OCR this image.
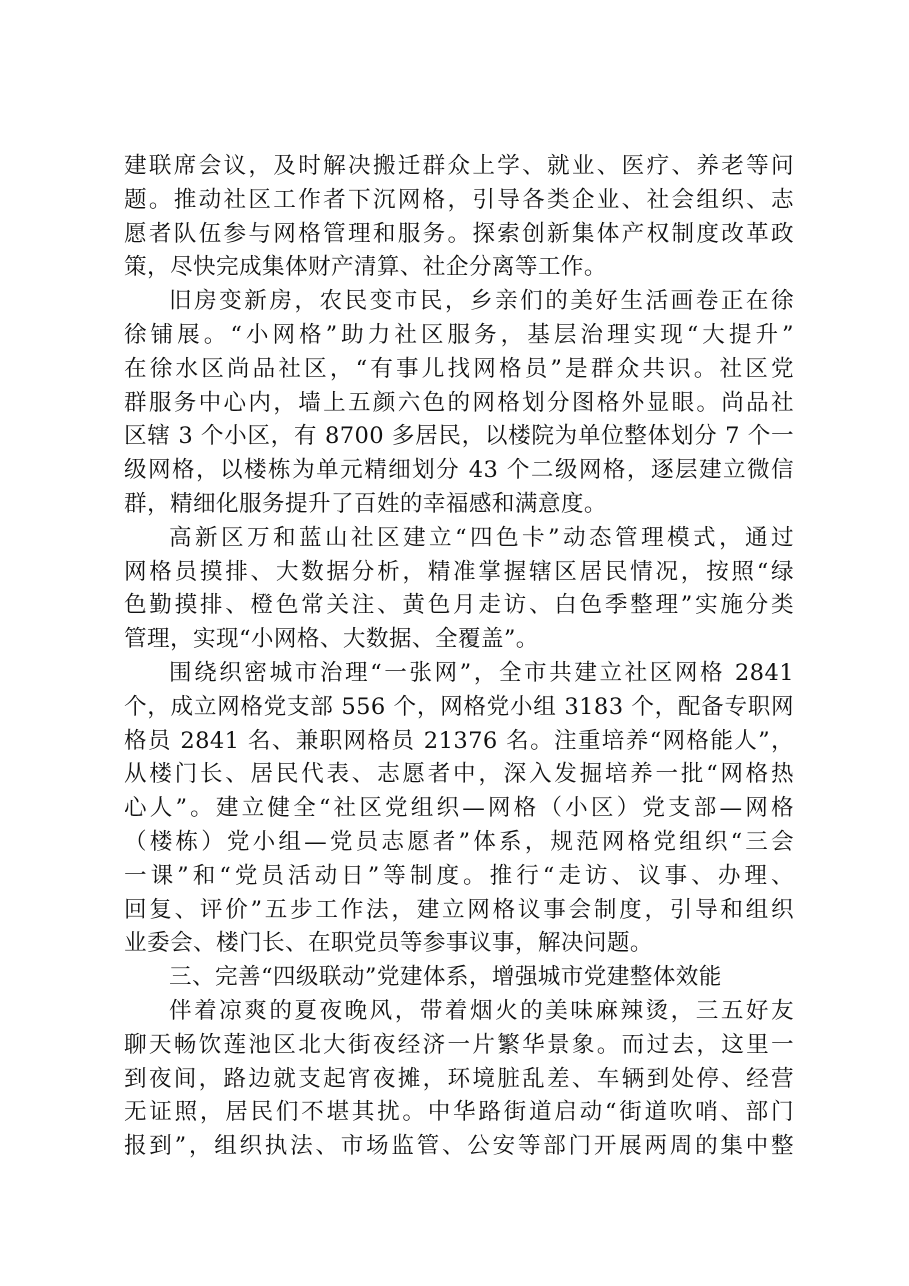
建联席会议，及时解决搬迁群众上学、就业、医疗、养老等问
题。推动社区工作者下沉网格，引导各类企业、社会组织、志
愿者队伍参与网格管理和服务。探索创新集体产权制度改革政
策，尽快完成集体财产清算、社企分离等工作。

旧房变新房，农民变市民，乡亲们的美好生活画卷正在徐
徐铺展。“小网格”助力社区服务，基层治理实现“大提升”
在徐水区尚品社区，“有事儿找网格员”是群众共识。社区党
群服务中心内，墙上五颜六色的网格划分图格外显眼。尚品社
区辖 3 个小区，有 8700 多居民，以楼院为单位整体划分 7 个一
级网格，以楼栋为单元精细划分 43 个二级网格，逐层建立微信
群，精细化服务提升了百姓的幸福感和满意度。

高新区万和蓝山社区建立“四色卡”动态管理模式，通过
网格员摸排、大数据分析，精准掌握辖区居民情况，按照“绿
色勤摸排、橙色常关注、黄色月走访、白色季整理”实施分类
管理，实现“小网格、大数据、全覆盖”。

围绕织密城市治理“一张网”，全市共建立社区网格 2841
个，成立网格党支部 556 个，网格党小组 3183 个，配备专职网
格员 2841 名、兼职网格员 21376 名。注重培养“网格能人”，
从楼门长、居民代表、志愿者中，深入发掘培养一批“网格热
心人”。建立健全“社区党组织—网格（小区）党支部—网格
（楼栋）党小组—党员志愿者”体系，规范网格党组织“三会
一课”和“党员活动日”等制度。推行“走访、议事、办理、
回复、评价”五步工作法，建立网格议事会制度，引导和组织
业委会、楼门长、在职党员等参事议事，解决问题。

三、完善“四级联动”党建体系，增强城市党建整体效能

伴着凉爽的夏夜晚风，带着烟火的美味麻辣烫，三五好友
聊天畅饮莲池区北大街夜经济一片繁华景象。而过去，这里一
到夜间，路边就支起宵夜摊，环境脏乱差、车辆到处停、经营
无证照，居民们不堪其扰。中华路街道启动“街道吹哨、部门
报到”，组织执法、市场监管、公安等部门开展两周的集中整
